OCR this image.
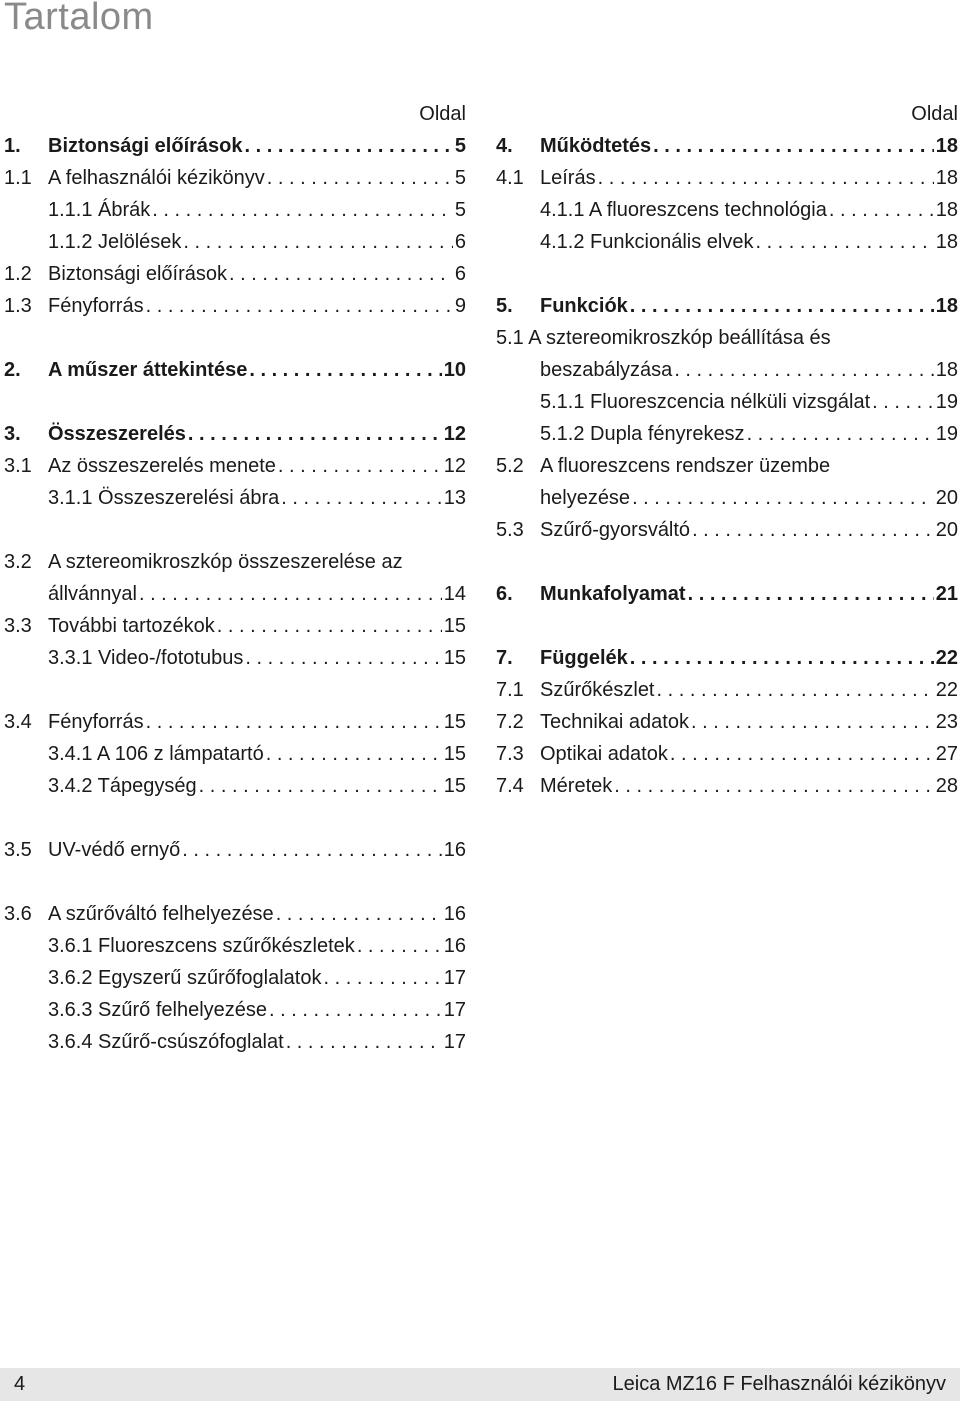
Tartalom
Oldal
1. Biztonsági előírások . . .	5
1.1 A felhasználói kézikönyv . . .	5
1.1.1 Ábrák . . .	5
1.1.2 Jelölések . . .	6
1.2 Biztonsági előírások . . .	6
1.3 Fényforrás . . .	9
2. A műszer áttekintése . . .	10
3. Összeszerelés . . .	12
3.1 Az összeszerelés menete . . .	12
3.1.1 Összeszerelési ábra . . .	13
3.2 A sztereomikroszkóp összeszerelése az
állvánnyal . . .	14
3.3 További tartozékok . . .	15
3.3.1 Video-/fototubus . . .	15
3.4 Fényforrás . . .	15
3.4.1 A 106 z lámpatartó . . .	15
3.4.2 Tápegység . . .	15
3.5 UV-védő ernyő . . .	16
3.6 A szűrőváltó felhelyezése . . .	16
3.6.1 Fluoreszcens szűrőkészletek . . .	16
3.6.2 Egyszerű szűrőfoglalatok . . .	17
3.6.3 Szűrő felhelyezése . . .	17
3.6.4 Szűrő-csúszófoglalat . . .	17
Oldal
4. Működtetés . . .	18
4.1 Leírás . . .	18
4.1.1 A fluoreszcens technológia . . .	18
4.1.2 Funkcionális elvek . . .	18
5. Funkciók . . .	18
5.1 A sztereomikroszkóp beállítása és
beszabályzása . . .	18
5.1.1 Fluoreszcencia nélküli vizsgálat . . .	19
5.1.2 Dupla fényrekesz . . .	19
5.2 A fluoreszcens rendszer üzembe
helyezése . . .	20
5.3 Szűrő-gyorsváltó . . .	20
6. Munkafolyamat . . .	21
7. Függelék . . .	22
7.1 Szűrőkészlet . . .	22
7.2 Technikai adatok . . .	23
7.3 Optikai adatok . . .	27
7.4 Méretek . . .	28
4	Leica MZ16 F Felhasználói kézikönyv
